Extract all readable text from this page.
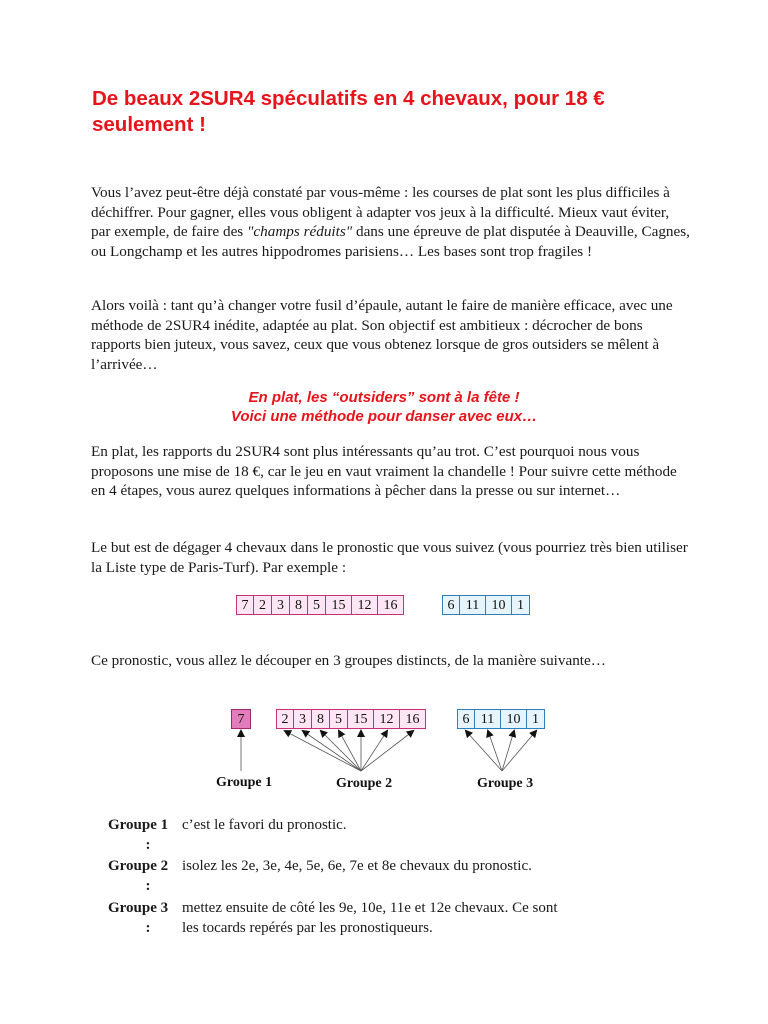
De beaux 2SUR4 spéculatifs en 4 chevaux, pour 18 € seulement !

Vous l’avez peut-être déjà constaté par vous-même : les courses de plat sont les plus difficiles à déchiffrer. Pour gagner, elles vous obligent à adapter vos jeux à la difficulté. Mieux vaut éviter, par exemple, de faire des "champs réduits" dans une épreuve de plat disputée à Deauville, Cagnes, ou Longchamp et les autres hippodromes parisiens… Les bases sont trop fragiles !

Alors voilà : tant qu’à changer votre fusil d’épaule, autant le faire de manière efficace, avec une méthode de 2SUR4 inédite, adaptée au plat. Son objectif est ambitieux : décrocher de bons rapports bien juteux, vous savez, ceux que vous obtenez lorsque de gros outsiders se mêlent à l’arrivée…

En plat, les “outsiders” sont à la fête !
Voici une méthode pour danser avec eux…

En plat, les rapports du 2SUR4 sont plus intéressants qu’au trot. C’est pourquoi nous vous proposons une mise de 18 €, car le jeu en vaut vraiment la chandelle ! Pour suivre cette méthode en 4 étapes, vous aurez quelques informations à pêcher dans la presse ou sur internet…

Le but est de dégager 4 chevaux dans le pronostic que vous suivez (vous pourriez très bien utiliser la Liste type de Paris-Turf). Par exemple :

7 2 3 8 5 15 12 16	6 11 10 1

Ce pronostic, vous allez le découper en 3 groupes distincts, de la manière suivante…

7	2 3 8 5 15 12 16	6 11 10 1
Groupe 1	Groupe 2	Groupe 3
Groupe 1
:
c’est le favori du pronostic.
Groupe 2
:
isolez les 2e, 3e, 4e, 5e, 6e, 7e et 8e chevaux du pronostic.
Groupe 3
:
mettez ensuite de côté les 9e, 10e, 11e et 12e chevaux. Ce sont les tocards repérés par les pronostiqueurs.
